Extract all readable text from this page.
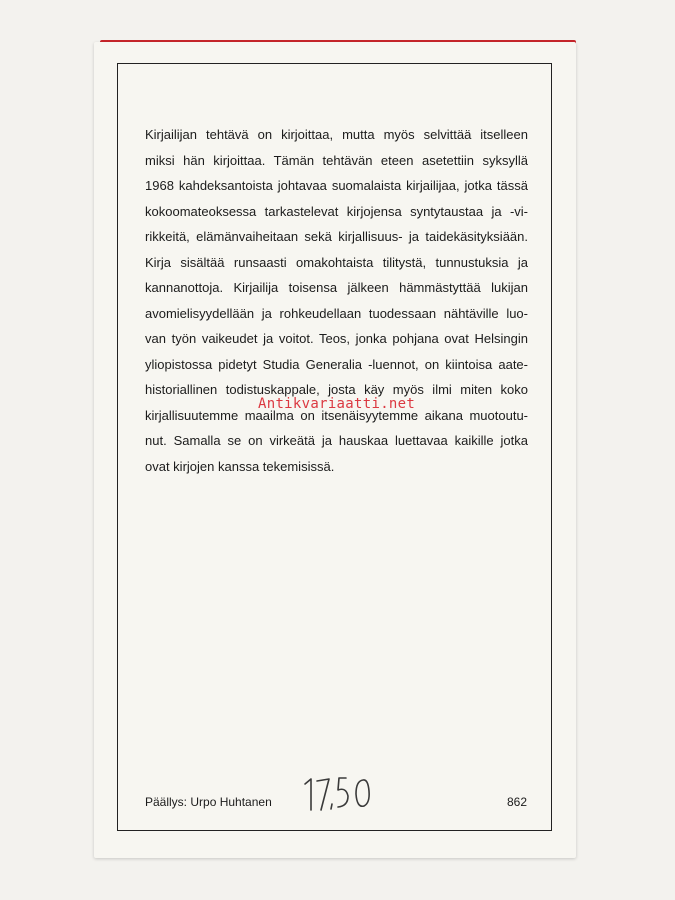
Kirjailijan tehtävä on kirjoittaa, mutta myös selvittää itselleen
miksi hän kirjoittaa. Tämän tehtävän eteen asetettiin syksyllä
1968 kahdeksantoista johtavaa suomalaista kirjailijaa, jotka tässä
kokoomateoksessa tarkastelevat kirjojensa syntytaustaa ja -vi-
rikkeitä, elämänvaiheitaan sekä kirjallisuus- ja taidekäsityksiään.
Kirja sisältää runsaasti omakohtaista tilitystä, tunnustuksia ja
kannanottoja. Kirjailija toisensa jälkeen hämmästyttää lukijan
avomielisyydellään ja rohkeudellaan tuodessaan nähtäville luo-
van työn vaikeudet ja voitot. Teos, jonka pohjana ovat Helsingin
yliopistossa pidetyt Studia Generalia -luennot, on kiintoisa aate-
historiallinen todistuskappale, josta käy myös ilmi miten koko
kirjallisuutemme maailma on itsenäisyytemme aikana muotoutu-
nut. Samalla se on virkeätä ja hauskaa luettavaa kaikille jotka
ovat kirjojen kanssa tekemisissä.
Antikvariaatti.net
Päällys: Urpo Huhtanen	862
